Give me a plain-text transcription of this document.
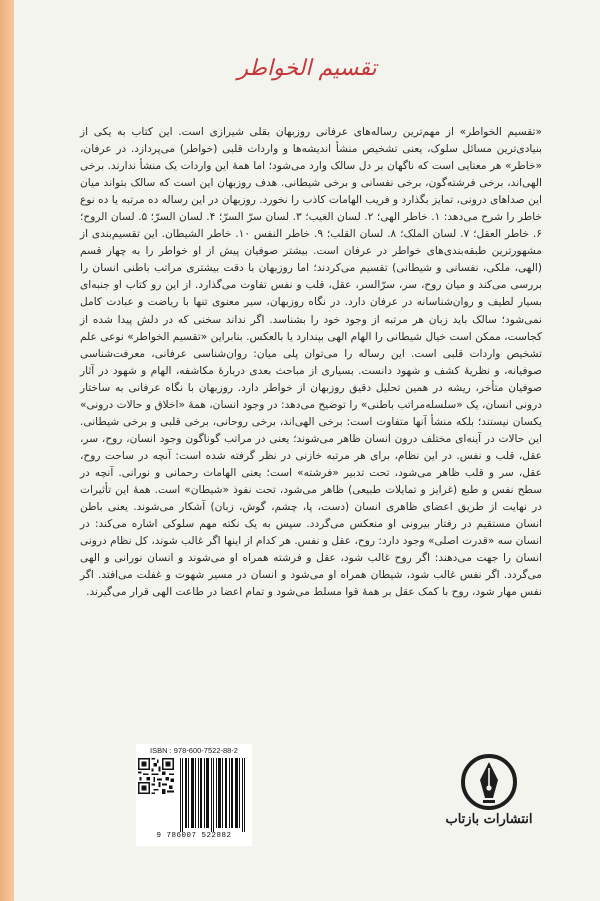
تقسیم الخواطر

«تقسیم الخواطر» از مهم‌ترین رساله‌های عرفانی روزبهان بقلی شیرازی است. این کتاب به یکی از بنیادی‌ترین مسائل سلوک، یعنی تشخیص منشأ اندیشه‌ها و واردات قلبی (خواطر) می‌پردازد. در عرفان، «خاطر» هر معنایی است که ناگهان بر دل سالک وارد می‌شود؛ اما همهٔ این واردات یک منشأ ندارند. برخی الهی‌اند، برخی فرشته‌گون، برخی نفسانی و برخی شیطانی. هدف روزبهان این است که سالک بتواند میان این صداهای درونی، تمایز بگذارد و فریب الهامات کاذب را نخورد. روزبهان در این رساله ده مرتبه یا ده نوع خاطر را شرح می‌دهد: ۱. خاطر الهی؛ ۲. لسان الغیب؛ ۳. لسان سرّ السرّ؛ ۴. لسان السرّ؛ ۵. لسان الروح؛ ۶. خاطر العقل؛ ۷. لسان الملک؛ ۸. لسان القلب؛ ۹. خاطر النفس ۱۰. خاطر الشیطان. این تقسیم‌بندی از مشهورترین طبقه‌بندی‌های خواطر در عرفان است. بیشتر صوفیان پیش از او خواطر را به چهار قسم (الهی، ملکی، نفسانی و شیطانی) تقسیم می‌کردند؛ اما روزبهان با دقت بیشتری مراتب باطنی انسان را بررسی می‌کند و میان روح، سر، سرّالسر، عقل، قلب و نفس تفاوت می‌گذارد. از این رو کتاب او جنبه‌ای بسیار لطیف و روان‌شناسانه در عرفان دارد. در نگاه روزبهان، سیر معنوی تنها با ریاضت و عبادت کامل نمی‌شود؛ سالک باید زبان هر مرتبه از وجود خود را بشناسد. اگر نداند سخنی که در دلش پیدا شده از کجاست، ممکن است خیال شیطانی را الهام الهی بپندارد یا بالعکس. بنابراین «تقسیم الخواطر» نوعی علم تشخیص واردات قلبی است. این رساله را می‌توان پلی میان: روان‌شناسی عرفانی، معرفت‌شناسی صوفیانه، و نظریهٔ کشف و شهود دانست. بسیاری از مباحث بعدی دربارهٔ مکاشفه، الهام و شهود در آثار صوفیان متأخر، ریشه در همین تحلیل دقیق روزبهان از خواطر دارد. روزبهان با نگاه عرفانی به ساختار درونی انسان، یک «سلسله‌مراتب باطنی» را توضیح می‌دهد: در وجود انسان، همهٔ «اخلاق و حالات درونی» یکسان نیستند؛ بلکه منشأ آنها متفاوت است: برخی الهی‌اند، برخی روحانی، برخی قلبی و برخی شیطانی. این حالات در آینه‌ای مختلف درون انسان ظاهر می‌شوند؛ یعنی در مراتب گوناگون وجود انسان، روح، سر، عقل، قلب و نفس. در این نظام، برای هر مرتبه خازنی در نظر گرفته شده است: آنچه در ساحت روح، عقل، سر و قلب ظاهر می‌شود، تحت تدبیر «فرشته» است؛ یعنی الهامات رحمانی و نورانی. آنچه در سطح نفس و طبع (غرایز و تمایلات طبیعی) ظاهر می‌شود، تحت نفوذ «شیطان» است. همهٔ این تأثیرات در نهایت از طریق اعضای ظاهری انسان (دست، پا، چشم، گوش، زبان) آشکار می‌شوند. یعنی باطن انسان مستقیم در رفتار بیرونی او منعکس می‌گردد. سپس به یک نکته مهم سلوکی اشاره می‌کند: در انسان سه «قدرت اصلی» وجود دارد: روح، عقل و نفس. هر کدام از اینها اگر غالب شوند، کل نظام درونی انسان را جهت می‌دهند: اگر روح غالب شود، عقل و فرشته همراه او می‌شوند و انسان نورانی و الهی می‌گردد. اگر نفس غالب شود، شیطان همراه او می‌شود و انسان در مسیر شهوت و غفلت می‌افتد. اگر نفس مهار شود، روح با کمک عقل بر همهٔ قوا مسلط می‌شود و تمام اعضا در طاعت الهی قرار می‌گیرند.

ISBN : 978-600-7522-88-2
9 786007 522882
انتشارات بازتاب
